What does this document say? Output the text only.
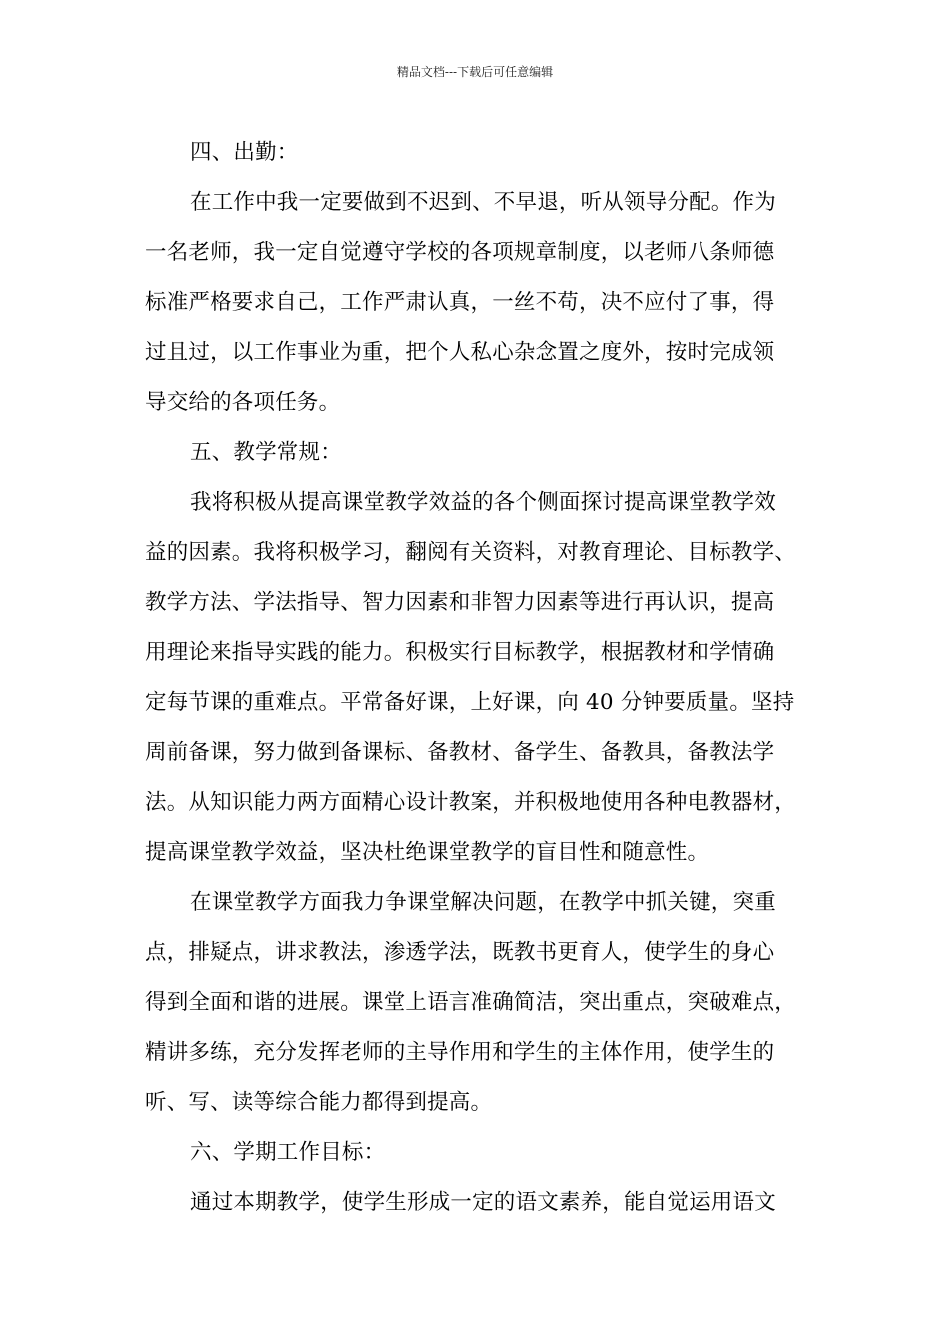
精品文档---下载后可任意编辑
四、出勤：
在工作中我一定要做到不迟到、不早退，听从领导分配。作为
一名老师，我一定自觉遵守学校的各项规章制度，以老师八条师德
标准严格要求自己，工作严肃认真，一丝不苟，决不应付了事，得
过且过，以工作事业为重，把个人私心杂念置之度外，按时完成领
导交给的各项任务。
五、教学常规：
我将积极从提高课堂教学效益的各个侧面探讨提高课堂教学效
益的因素。我将积极学习，翻阅有关资料，对教育理论、目标教学、
教学方法、学法指导、智力因素和非智力因素等进行再认识，提高
用理论来指导实践的能力。积极实行目标教学，根据教材和学情确
定每节课的重难点。平常备好课，上好课，向 40 分钟要质量。坚持
周前备课，努力做到备课标、备教材、备学生、备教具，备教法学
法。从知识能力两方面精心设计教案，并积极地使用各种电教器材，
提高课堂教学效益，坚决杜绝课堂教学的盲目性和随意性。
在课堂教学方面我力争课堂解决问题，在教学中抓关键，突重
点，排疑点，讲求教法，渗透学法，既教书更育人，使学生的身心
得到全面和谐的进展。课堂上语言准确简洁，突出重点，突破难点，
精讲多练，充分发挥老师的主导作用和学生的主体作用，使学生的
听、写、读等综合能力都得到提高。
六、学期工作目标：
通过本期教学，使学生形成一定的语文素养，能自觉运用语文
